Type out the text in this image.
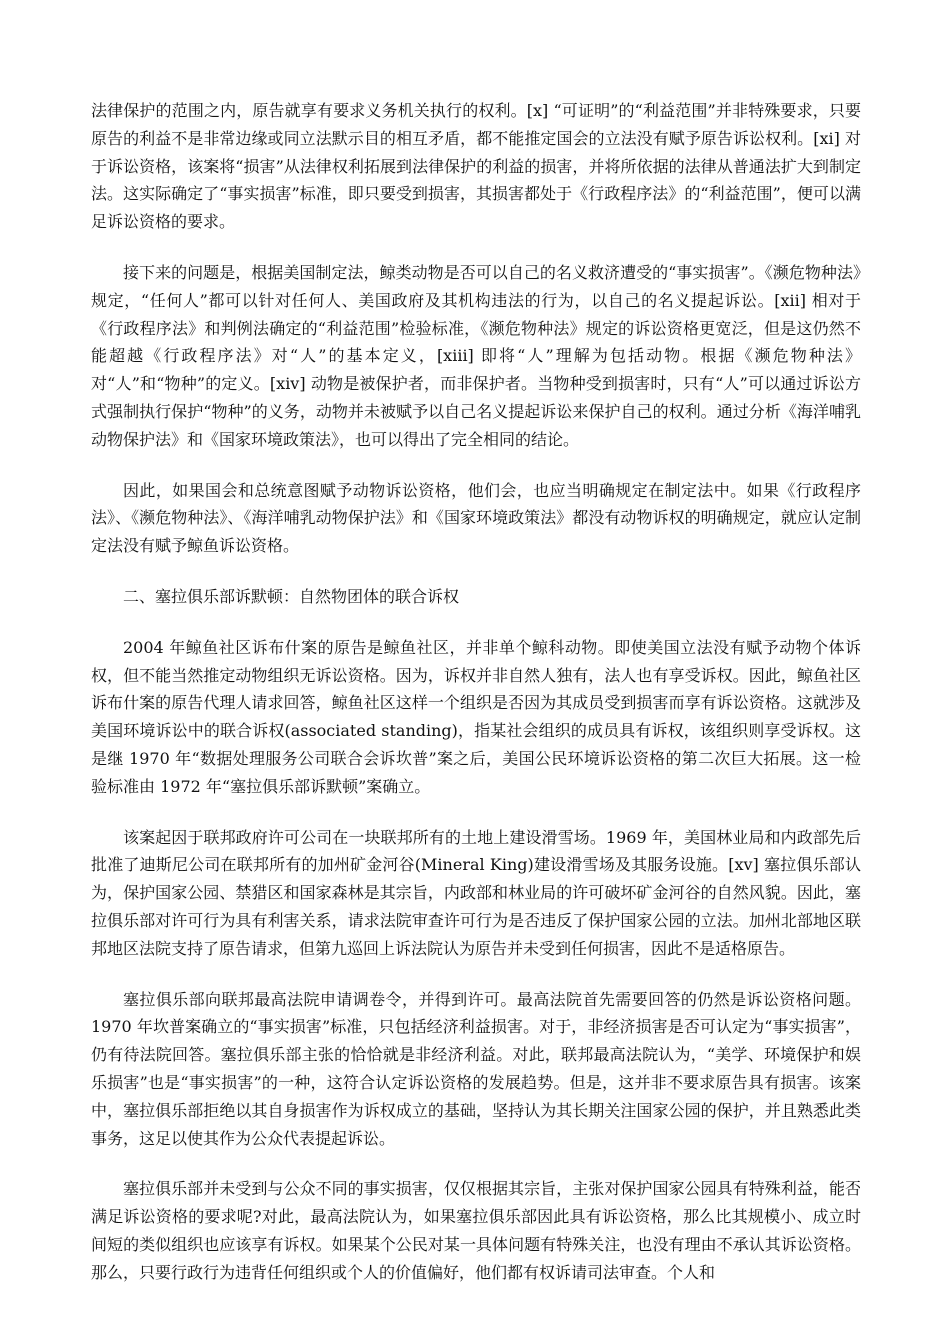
法律保护的范围之内，原告就享有要求义务机关执行的权利。[x] “可证明”的“利益范围”并非特殊要求，只要原告的利益不是非常边缘或同立法默示目的相互矛盾，都不能推定国会的立法没有赋予原告诉讼权利。[xi] 对于诉讼资格，该案将“损害”从法律权利拓展到法律保护的利益的损害，并将所依据的法律从普通法扩大到制定法。这实际确定了“事实损害”标准，即只要受到损害，其损害都处于《行政程序法》的“利益范围”，便可以满足诉讼资格的要求。

接下来的问题是，根据美国制定法，鲸类动物是否可以自己的名义救济遭受的“事实损害”。《濒危物种法》规定，“任何人”都可以针对任何人、美国政府及其机构违法的行为，以自己的名义提起诉讼。[xii] 相对于《行政程序法》和判例法确定的“利益范围”检验标准，《濒危物种法》规定的诉讼资格更宽泛，但是这仍然不能超越《行政程序法》对“人”的基本定义，[xiii] 即将“人”理解为包括动物。根据《濒危物种法》对“人”和“物种”的定义。[xiv] 动物是被保护者，而非保护者。当物种受到损害时，只有“人”可以通过诉讼方式强制执行保护“物种”的义务，动物并未被赋予以自己名义提起诉讼来保护自己的权利。通过分析《海洋哺乳动物保护法》和《国家环境政策法》，也可以得出了完全相同的结论。

因此，如果国会和总统意图赋予动物诉讼资格，他们会，也应当明确规定在制定法中。如果《行政程序法》、《濒危物种法》、《海洋哺乳动物保护法》和《国家环境政策法》都没有动物诉权的明确规定，就应认定制定法没有赋予鲸鱼诉讼资格。

二、塞拉俱乐部诉默顿：自然物团体的联合诉权

2004 年鲸鱼社区诉布什案的原告是鲸鱼社区，并非单个鲸科动物。即使美国立法没有赋予动物个体诉权，但不能当然推定动物组织无诉讼资格。因为，诉权并非自然人独有，法人也有享受诉权。因此，鲸鱼社区诉布什案的原告代理人请求回答，鲸鱼社区这样一个组织是否因为其成员受到损害而享有诉讼资格。这就涉及美国环境诉讼中的联合诉权(associated standing)，指某社会组织的成员具有诉权，该组织则享受诉权。这是继 1970 年“数据处理服务公司联合会诉坎普”案之后，美国公民环境诉讼资格的第二次巨大拓展。这一检验标准由 1972 年“塞拉俱乐部诉默顿”案确立。

该案起因于联邦政府许可公司在一块联邦所有的土地上建设滑雪场。1969 年，美国林业局和内政部先后批准了迪斯尼公司在联邦所有的加州矿金河谷(Mineral King)建设滑雪场及其服务设施。[xv] 塞拉俱乐部认为，保护国家公园、禁猎区和国家森林是其宗旨，内政部和林业局的许可破坏矿金河谷的自然风貌。因此，塞拉俱乐部对许可行为具有利害关系，请求法院审查许可行为是否违反了保护国家公园的立法。加州北部地区联邦地区法院支持了原告请求，但第九巡回上诉法院认为原告并未受到任何损害，因此不是适格原告。

塞拉俱乐部向联邦最高法院申请调卷令，并得到许可。最高法院首先需要回答的仍然是诉讼资格问题。1970 年坎普案确立的“事实损害”标准，只包括经济利益损害。对于，非经济损害是否可认定为“事实损害”，仍有待法院回答。塞拉俱乐部主张的恰恰就是非经济利益。对此，联邦最高法院认为，“美学、环境保护和娱乐损害”也是“事实损害”的一种，这符合认定诉讼资格的发展趋势。但是，这并非不要求原告具有损害。该案中，塞拉俱乐部拒绝以其自身损害作为诉权成立的基础，坚持认为其长期关注国家公园的保护，并且熟悉此类事务，这足以使其作为公众代表提起诉讼。

塞拉俱乐部并未受到与公众不同的事实损害，仅仅根据其宗旨，主张对保护国家公园具有特殊利益，能否满足诉讼资格的要求呢?对此，最高法院认为，如果塞拉俱乐部因此具有诉讼资格，那么比其规模小、成立时间短的类似组织也应该享有诉权。如果某个公民对某一具体问题有特殊关注，也没有理由不承认其诉讼资格。那么，只要行政行为违背任何组织或个人的价值偏好，他们都有权诉请司法审查。个人和
